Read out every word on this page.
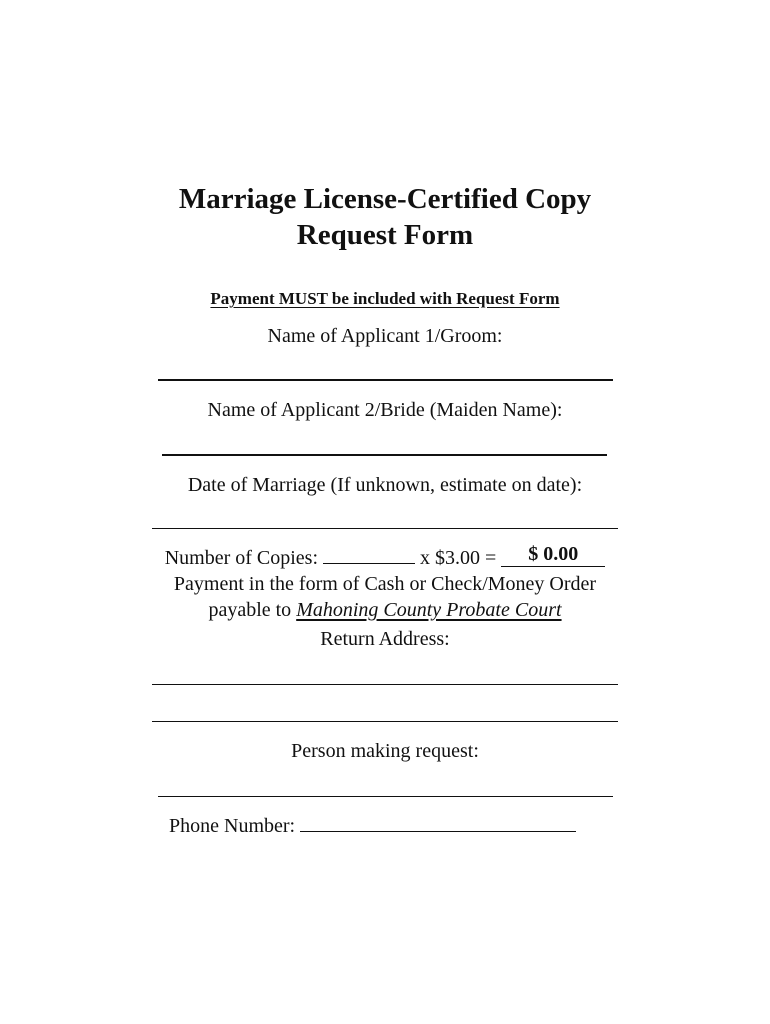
Marriage License-Certified Copy
Request Form
Payment MUST be included with Request Form
Name of Applicant 1/Groom:
Name of Applicant 2/Bride (Maiden Name):
Date of Marriage (If unknown, estimate on date):
Number of Copies:	x $3.00 = $ 0.00
Payment in the form of Cash or Check/Money Order
payable to Mahoning County Probate Court
Return Address:
Person making request:
Phone Number:
